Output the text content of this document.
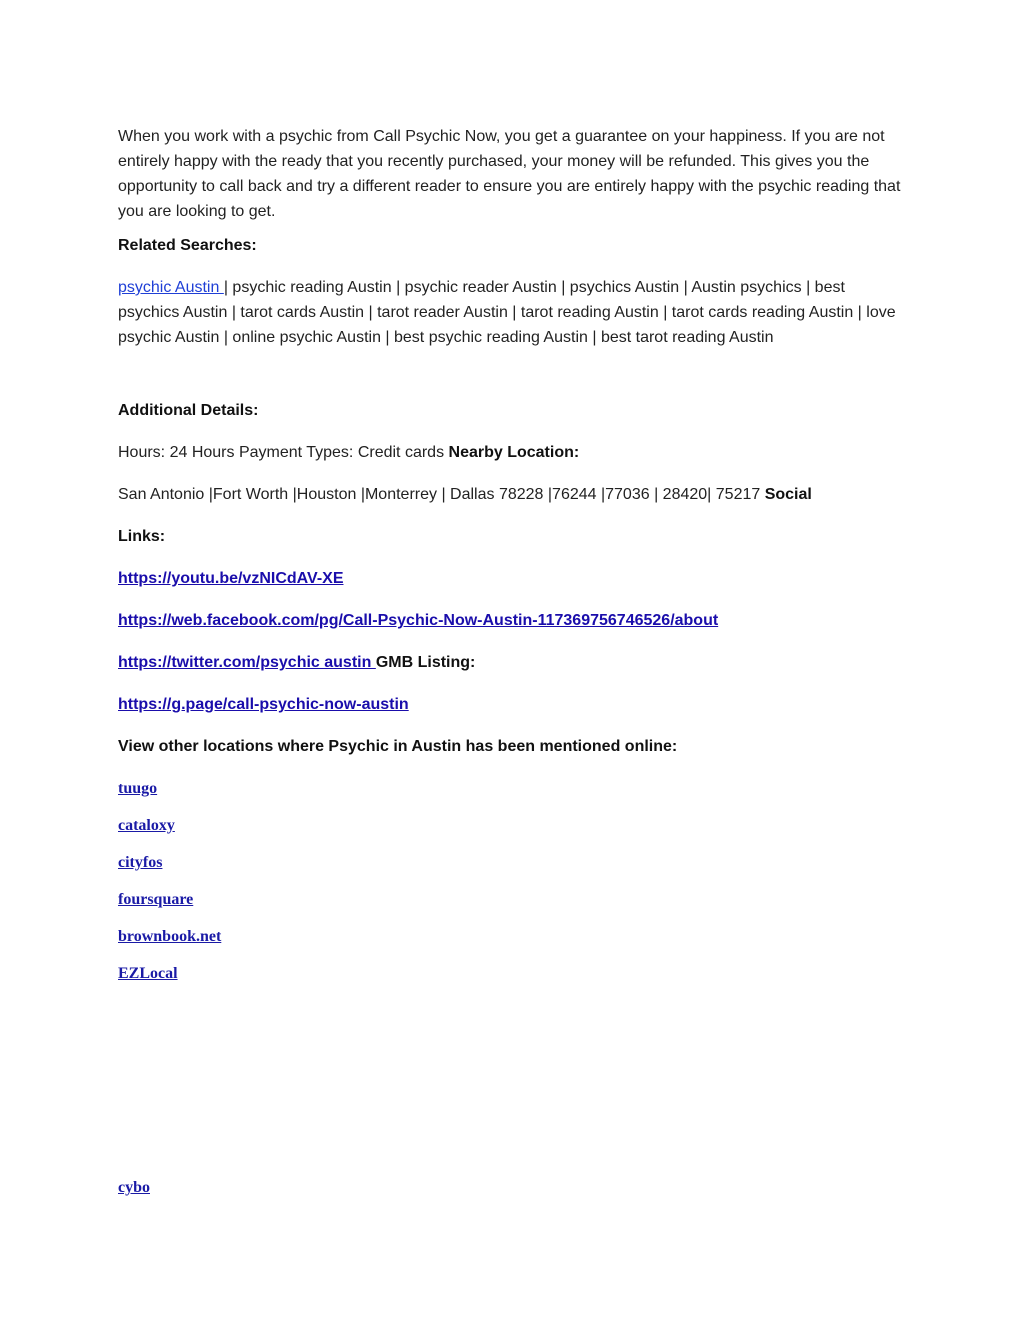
When you work with a psychic from Call Psychic Now, you get a guarantee on your happiness. If you are not entirely happy with the ready that you recently purchased, your money will be refunded. This gives you the opportunity to call back and try a different reader to ensure you are entirely happy with the psychic reading that you are looking to get.

Related Searches:

psychic Austin | psychic reading Austin | psychic reader Austin | psychics Austin | Austin psychics | best psychics Austin | tarot cards Austin | tarot reader Austin | tarot reading Austin | tarot cards reading Austin | love psychic Austin | online psychic Austin | best psychic reading Austin | best tarot reading Austin

Additional Details:

Hours: 24 Hours Payment Types: Credit cards Nearby Location:

San Antonio |Fort Worth |Houston |Monterrey | Dallas 78228 |76244 |77036 | 28420| 75217 Social

Links:

https://youtu.be/vzNICdAV-XE

https://web.facebook.com/pg/Call-Psychic-Now-Austin-117369756746526/about

https://twitter.com/psychic austin GMB Listing:

https://g.page/call-psychic-now-austin

View other locations where Psychic in Austin has been mentioned online:

tuugo
cataloxy
cityfos
foursquare
brownbook.net
EZLocal
cybo
